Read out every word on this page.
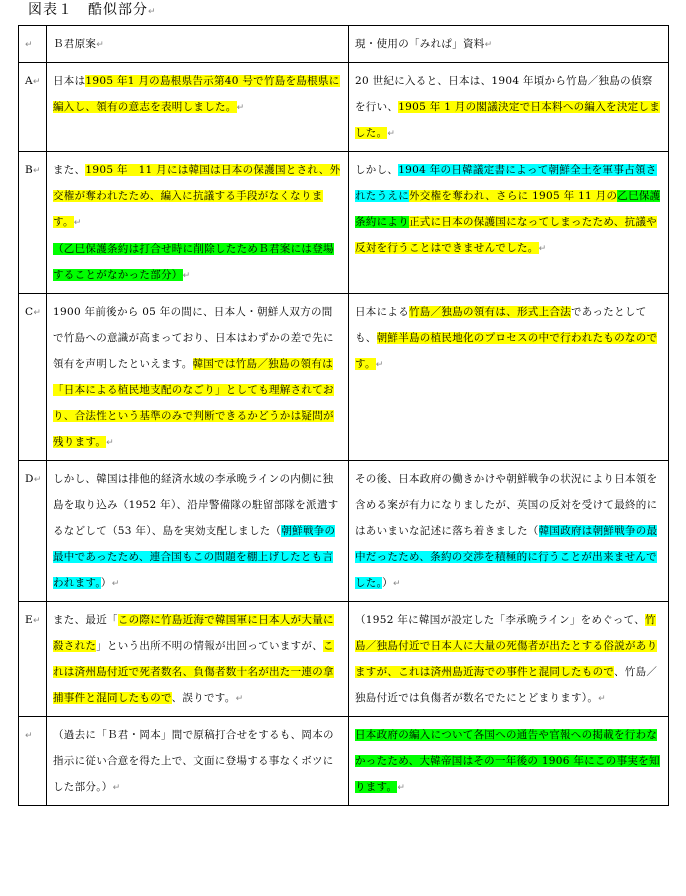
図表１　酷似部分↵
↵	Ｂ君原案↵	現・使用の「みれぱ」資料↵
A↵	日本は1905 年1 月の島根県告示第40 号で竹島を島根県に編入し、領有の意志を表明しました。↵	20 世紀に入ると、日本は、1904 年頃から竹島／独島の偵察を行い、1905 年 1 月の閣議決定で日本料への編入を決定しました。↵
B↵	また、1905 年　11 月には韓国は日本の保護国とされ、外交権が奪われたため、編入に抗議する手段がなくなります。↵
（乙巳保護条約は打合せ時に削除したためＢ君案には登場することがなかった部分）↵	しかし、1904 年の日韓議定書によって朝鮮全土を軍事占領されたうえに外交権を奪われ、さらに 1905 年 11 月の乙巳保護条約により正式に日本の保護国になってしまったため、抗議や反対を行うことはできませんでした。↵
C↵	1900 年前後から 05 年の間に、日本人・朝鮮人双方の間で竹島への意識が高まっており、日本はわずかの差で先に領有を声明したといえます。韓国では竹島／独島の領有は「日本による植民地支配のなごり」としても理解されており、合法性という基準のみで判断できるかどうかは疑問が残ります。↵	日本による竹島／独島の領有は、形式上合法であったとしても、朝鮮半島の植民地化のプロセスの中で行われたものなのです。↵
D↵	しかし、韓国は排他的経済水域の李承晩ラインの内側に独島を取り込み（1952 年）、沿岸警備隊の駐留部隊を派遣するなどして（53 年）、島を実効支配しました（朝鮮戦争の最中であったため、連合国もこの問題を棚上げしたとも言われます。）↵	その後、日本政府の働きかけや朝鮮戦争の状況により日本領を含める案が有力になりましたが、英国の反対を受けて最終的にはあいまいな記述に落ち着きました（韓国政府は朝鮮戦争の最中だったため、条約の交渉を積極的に行うことが出来ませんでした。）↵
E↵	また、最近「この際に竹島近海で韓国軍に日本人が大量に殺された」という出所不明の情報が出回っていますが、これは済州島付近で死者数名、負傷者数十名が出た一連の拿捕事件と混同したもので、誤りです。↵	（1952 年に韓国が設定した「李承晩ライン」をめぐって、竹島／独島付近で日本人に大量の死傷者が出たとする俗説がありますが、これは済州島近海での事件と混同したもので、竹島／独島付近では負傷者が数名でたにとどまります）。↵
↵	（過去に「Ｂ君・岡本」間で原稿打合せをするも、岡本の指示に従い合意を得た上で、文面に登場する事なくボツにした部分。）↵	日本政府の編入について各国への通告や官報への掲載を行わなかったため、大韓帝国はその一年後の 1906 年にこの事実を知ります。↵
